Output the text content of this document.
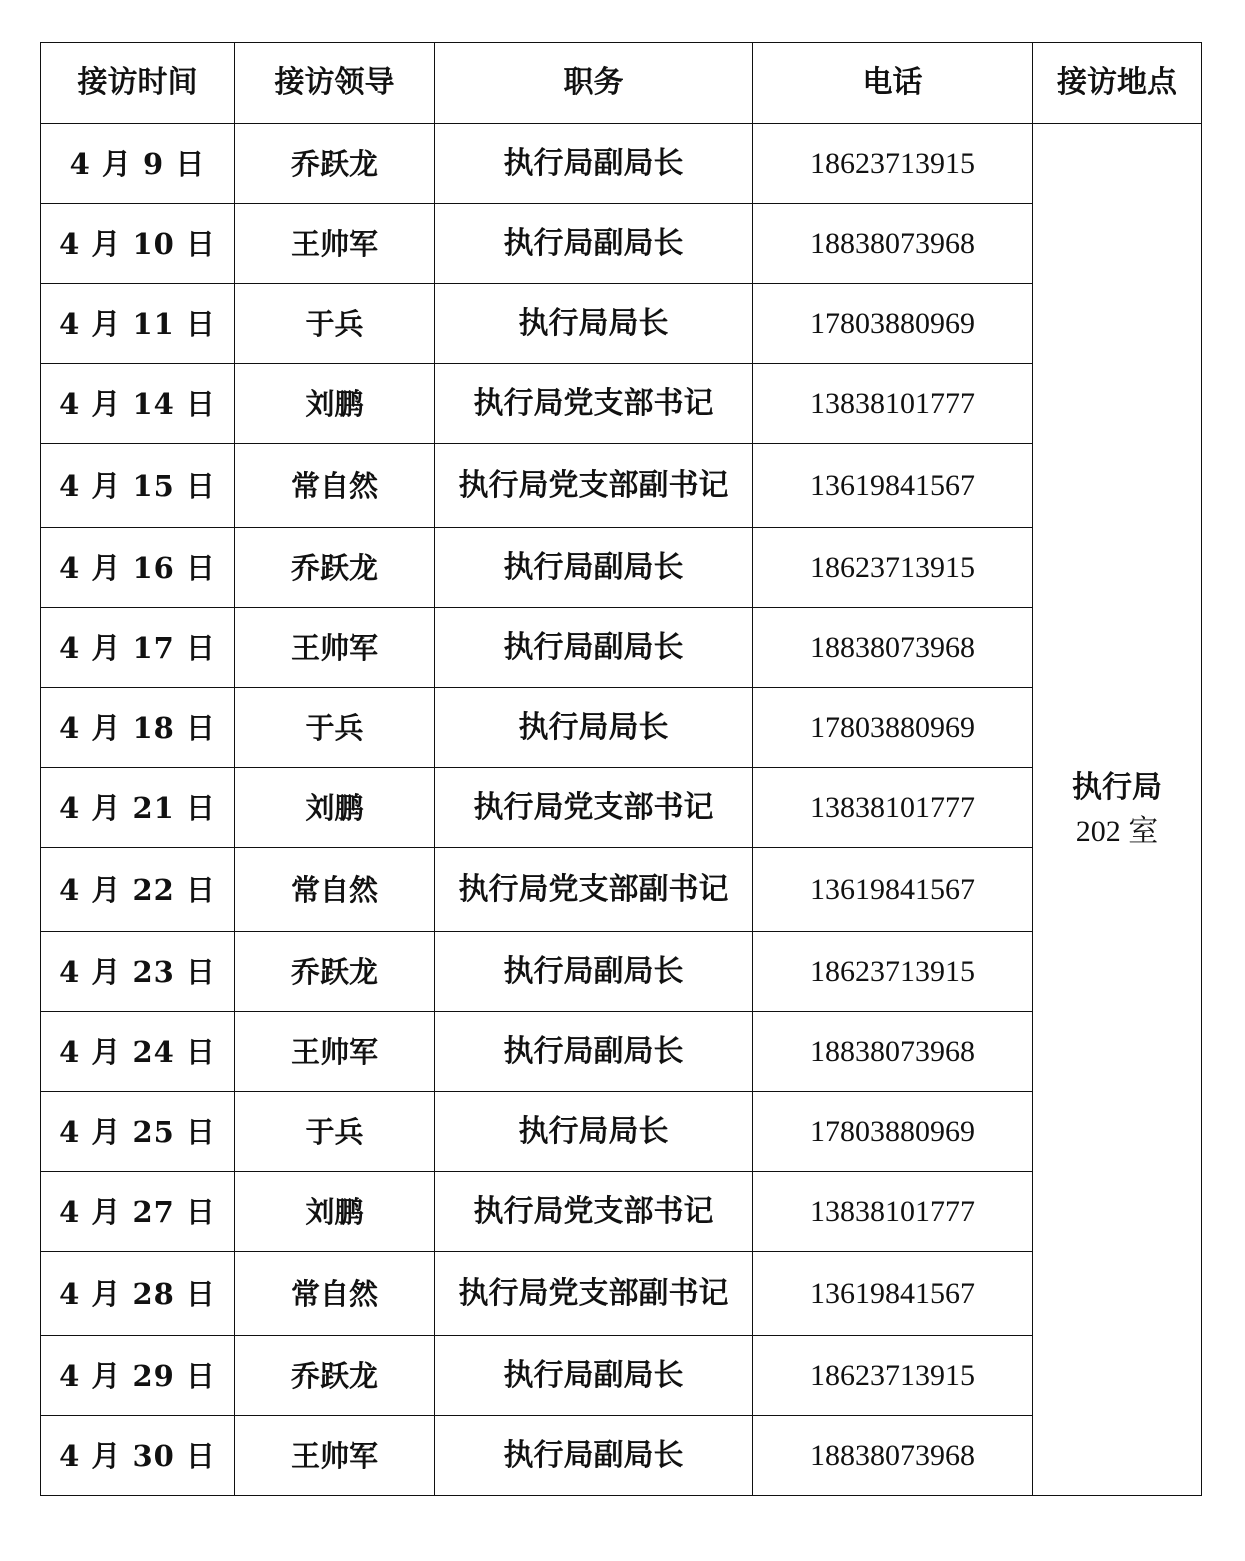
接访时间	接访领导	职务	电话	接访地点
4 月 9 日	乔跃龙	执行局副局长	18623713915	执行局
202 室

4 月 10 日	王帅军	执行局副局长	18838073968	
4 月 11 日	于兵	执行局局长	17803880969	
4 月 14 日	刘鹏	执行局党支部书记	13838101777	
4 月 15 日	常自然	执行局党支部副书记	13619841567	
4 月 16 日	乔跃龙	执行局副局长	18623713915	
4 月 17 日	王帅军	执行局副局长	18838073968	
4 月 18 日	于兵	执行局局长	17803880969	
4 月 21 日	刘鹏	执行局党支部书记	13838101777	
4 月 22 日	常自然	执行局党支部副书记	13619841567	
4 月 23 日	乔跃龙	执行局副局长	18623713915	
4 月 24 日	王帅军	执行局副局长	18838073968	
4 月 25 日	于兵	执行局局长	17803880969	
4 月 27 日	刘鹏	执行局党支部书记	13838101777	
4 月 28 日	常自然	执行局党支部副书记	13619841567	
4 月 29 日	乔跃龙	执行局副局长	18623713915	
4 月 30 日	王帅军	执行局副局长	18838073968	
